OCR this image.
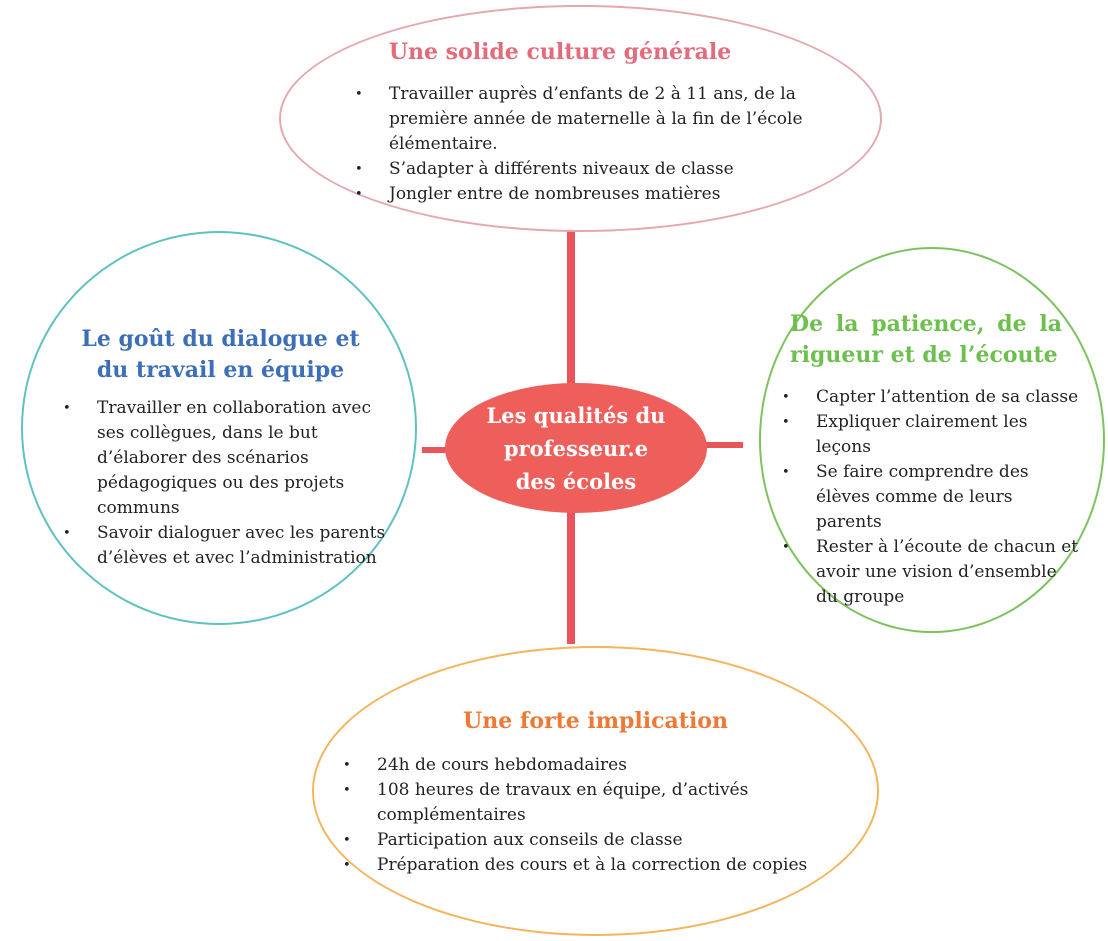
Une solide culture générale
• Travailler auprès d’enfants de 2 à 11 ans, de la première année de maternelle à la fin de l’école élémentaire.
• S’adapter à différents niveaux de classe
• Jongler entre de nombreuses matières
Le goût du dialogue et du travail en équipe
• Travailler en collaboration avec ses collègues, dans le but d’élaborer des scénarios pédagogiques ou des projets communs
• Savoir dialoguer avec les parents d’élèves et avec l’administration
De la patience, de la rigueur et de l’écoute
• Capter l’attention de sa classe
• Expliquer clairement les leçons
• Se faire comprendre des élèves comme de leurs parents
• Rester à l’écoute de chacun et avoir une vision d’ensemble du groupe
Les qualités du professeur.e des écoles
Une forte implication
• 24h de cours hebdomadaires
• 108 heures de travaux en équipe, d’activés complémentaires
• Participation aux conseils de classe
• Préparation des cours et à la correction de copies
